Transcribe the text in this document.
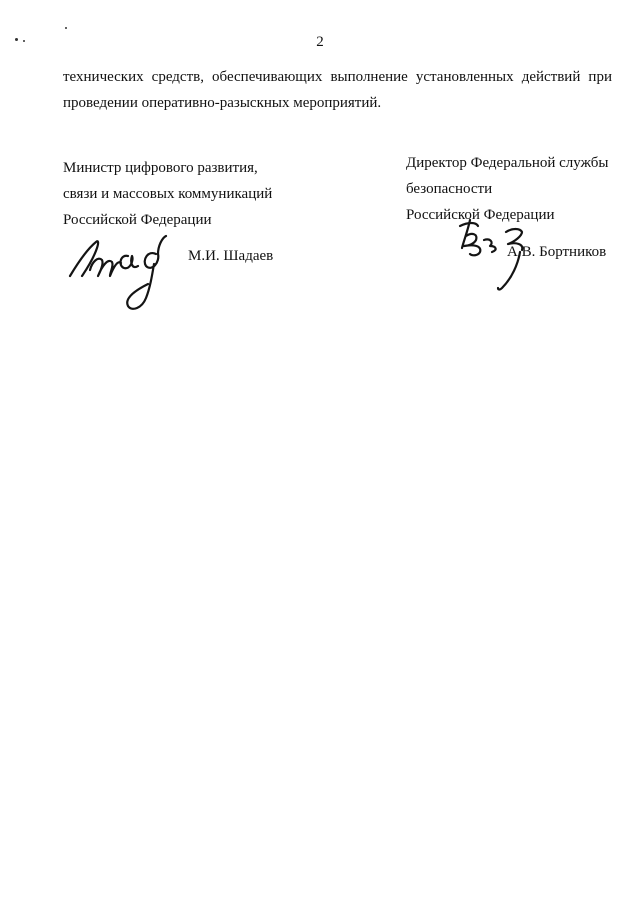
2
технических средств, обеспечивающих выполнение установленных действий при
проведении оперативно-разыскных мероприятий.
Министр цифрового развития,
связи и массовых коммуникаций
Российской Федерации
М.И. Шадаев
Директор Федеральной службы
безопасности
Российской Федерации
А.В. Бортников
